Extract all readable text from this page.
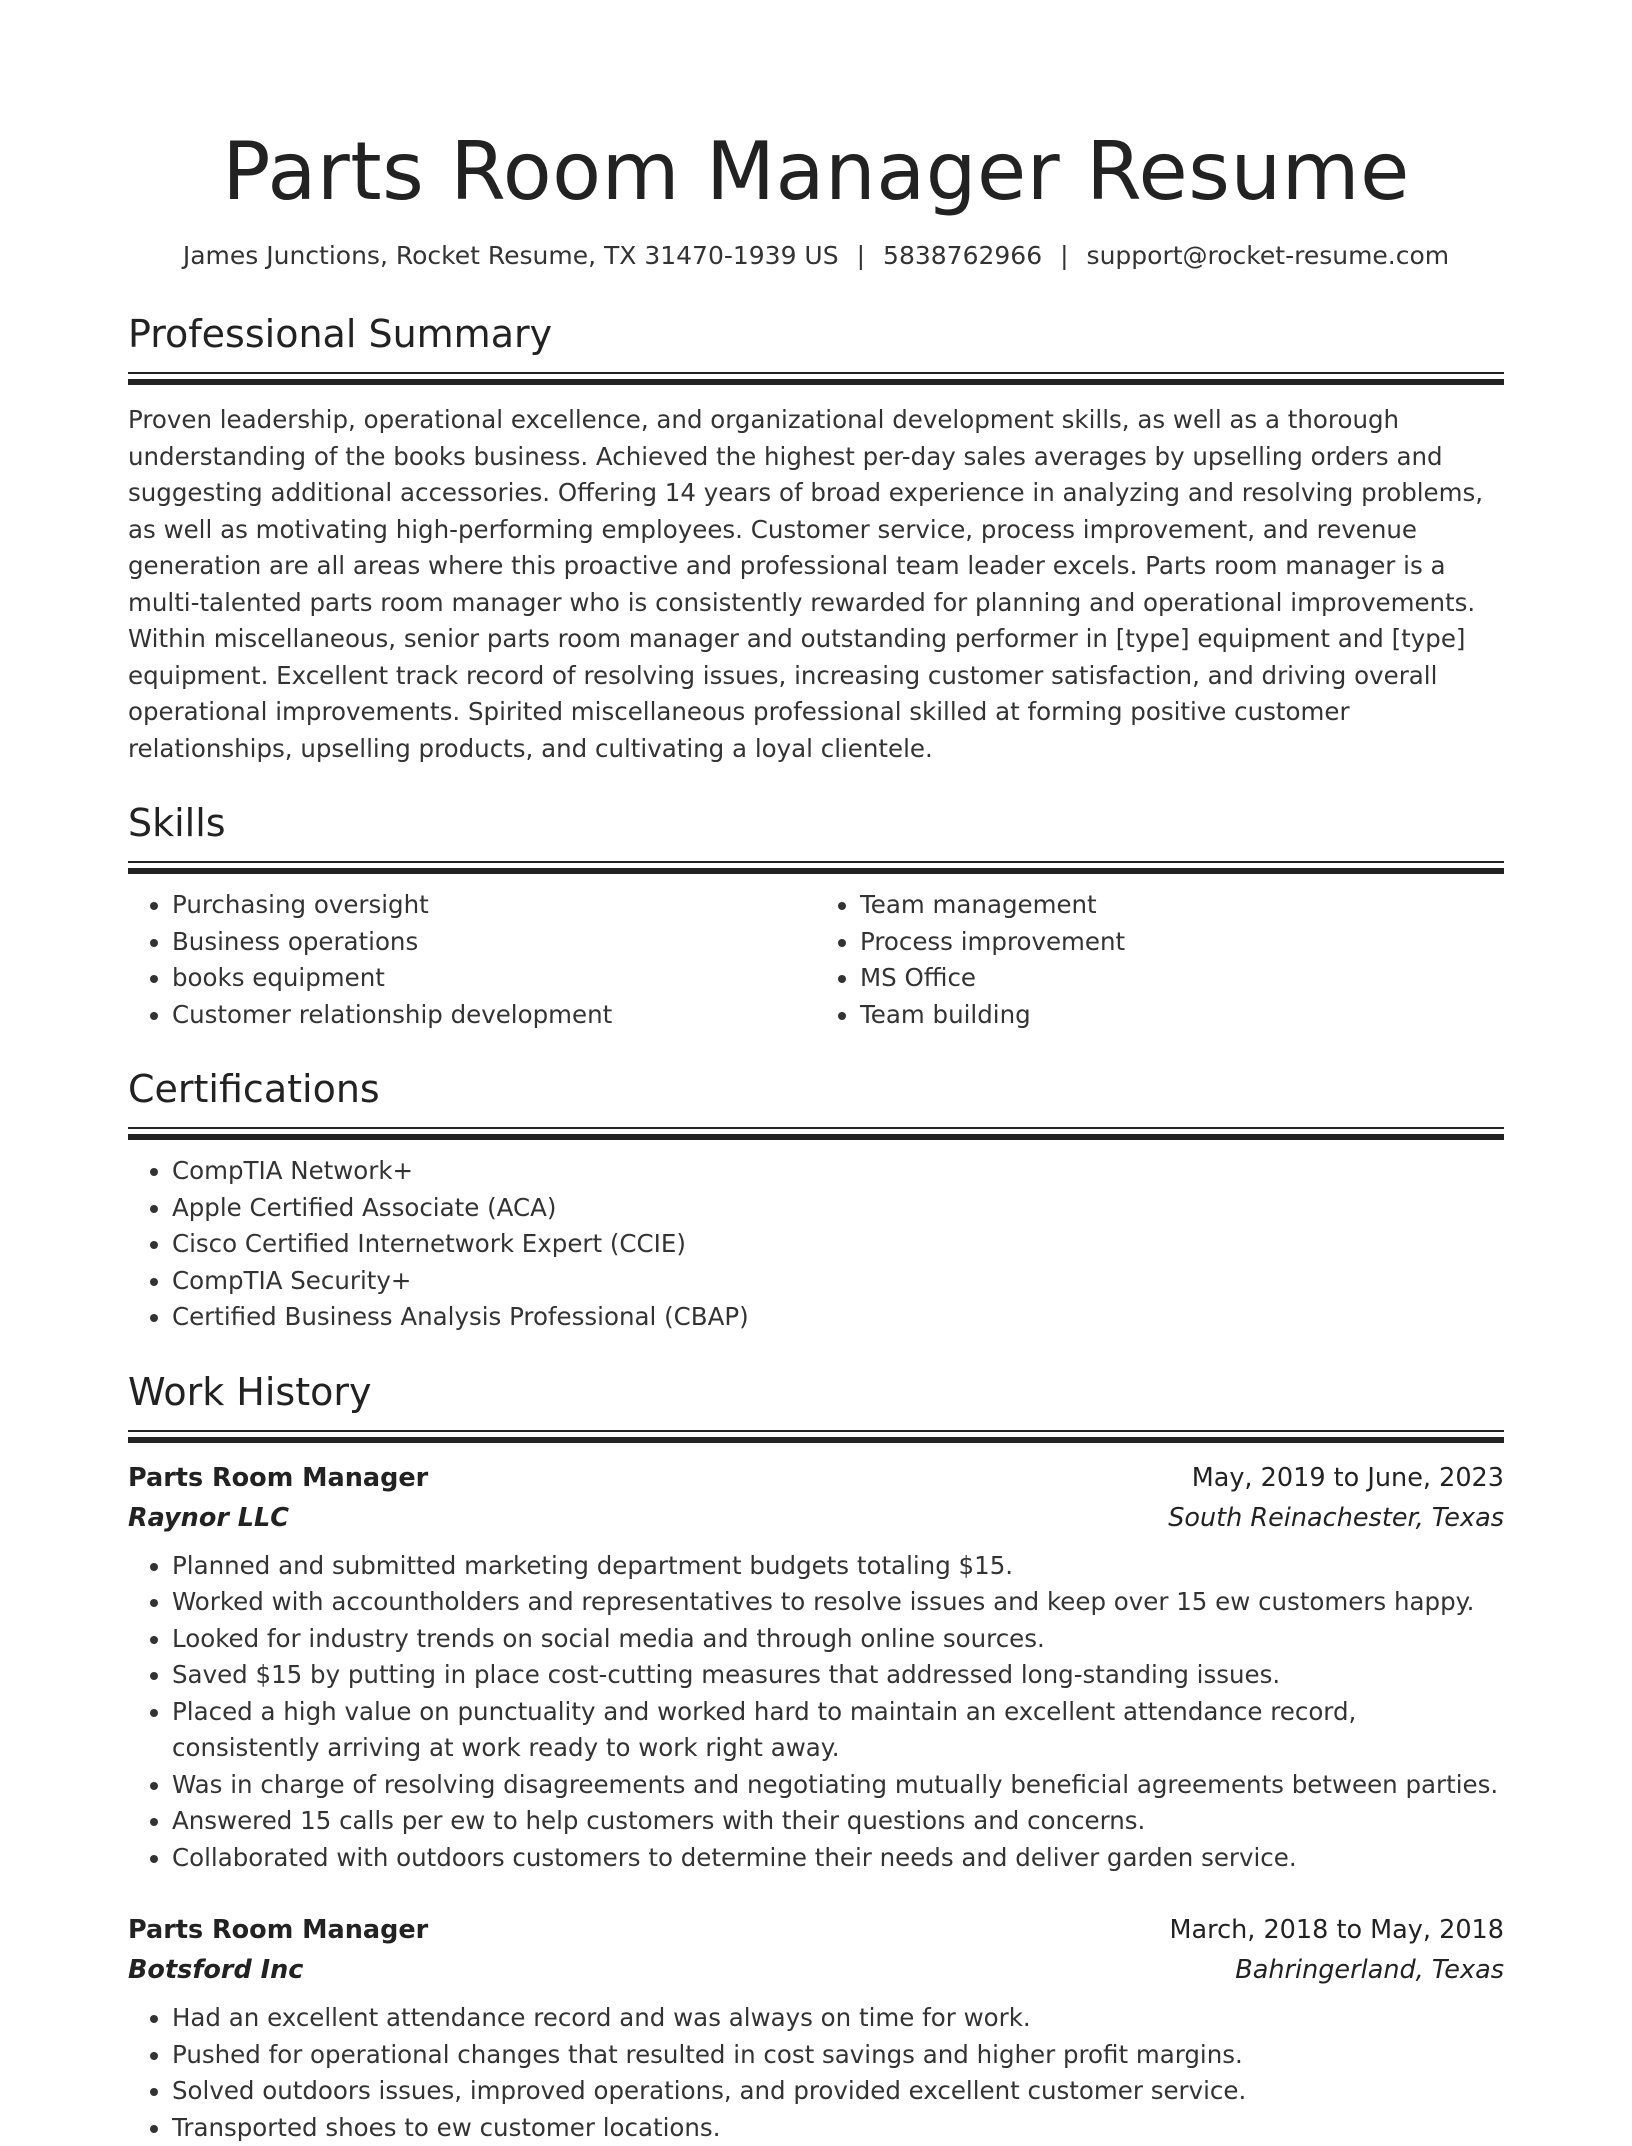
Parts Room Manager Resume
James Junctions, Rocket Resume, TX 31470-1939 US | 5838762966 | support@rocket-resume.com
Professional Summary

Proven leadership, operational excellence, and organizational development skills, as well as a thorough understanding of the books business. Achieved the highest per-day sales averages by upselling orders and suggesting additional accessories. Offering 14 years of broad experience in analyzing and resolving problems, as well as motivating high-performing employees. Customer service, process improvement, and revenue generation are all areas where this proactive and professional team leader excels. Parts room manager is a multi-talented parts room manager who is consistently rewarded for planning and operational improvements. Within miscellaneous, senior parts room manager and outstanding performer in [type] equipment and [type] equipment. Excellent track record of resolving issues, increasing customer satisfaction, and driving overall operational improvements. Spirited miscellaneous professional skilled at forming positive customer relationships, upselling products, and cultivating a loyal clientele.

Skills
• Purchasing oversight
• Business operations
• books equipment
• Customer relationship development
• Team management
• Process improvement
• MS Office
• Team building
Certifications
• CompTIA Network+
• Apple Certified Associate (ACA)
• Cisco Certified Internetwork Expert (CCIE)
• CompTIA Security+
• Certified Business Analysis Professional (CBAP)
Work History
Parts Room Manager	May, 2019 to June, 2023
Raynor LLC	South Reinachester, Texas
• Planned and submitted marketing department budgets totaling $15.
• Worked with accountholders and representatives to resolve issues and keep over 15 ew customers happy.
• Looked for industry trends on social media and through online sources.
• Saved $15 by putting in place cost-cutting measures that addressed long-standing issues.
• Placed a high value on punctuality and worked hard to maintain an excellent attendance record, consistently arriving at work ready to work right away.
• Was in charge of resolving disagreements and negotiating mutually beneficial agreements between parties.
• Answered 15 calls per ew to help customers with their questions and concerns.
• Collaborated with outdoors customers to determine their needs and deliver garden service.
Parts Room Manager	March, 2018 to May, 2018
Botsford Inc	Bahringerland, Texas
• Had an excellent attendance record and was always on time for work.
• Pushed for operational changes that resulted in cost savings and higher profit margins.
• Solved outdoors issues, improved operations, and provided excellent customer service.
• Transported shoes to ew customer locations.
